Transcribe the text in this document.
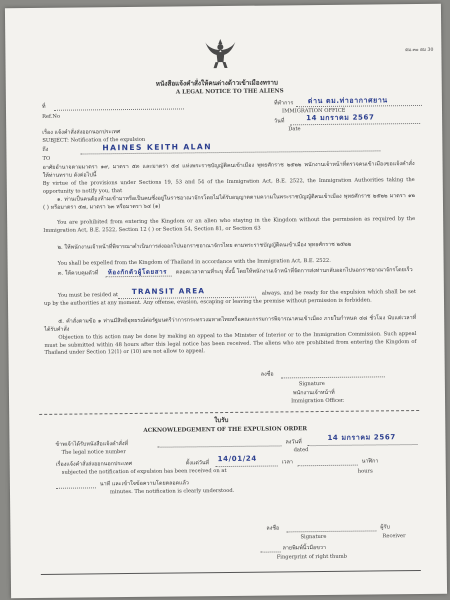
ตม.๓๐ ตม 30
หนังสือแจ้งคำสั่งให้คนต่างด้าวเข้าเมืองทราบ
A LEGAL NOTICE TO THE ALIENS
ที่ทำการ ด่าน ตม.ท่าอากาศยาน
IMMIGRATION OFFICE
ที่
Ref.No
วันที่	14 มกราคม 2567
Date
เรื่อง แจ้งคำสั่งส่งออกนอกประเทศ
SUBJECT: Notification of the expulsion
ถึง	HAINES KEITH ALAN
TO
อาศัยอำนาจตามมาตรา ๑๙, มาตรา ๕๓ และมาตรา ๕๔ แห่งพระราชบัญญัติคนเข้าเมือง พุทธศักราช ๒๕๒๒ พนักงานเจ้าหน้าที่ตรวจคนเข้าเมืองขอแจ้งคำสั่งให้ท่านทราบ ดังต่อไปนี้
By virtue of the provisions under Sections 19, 53 and 54 of the Immigration Act, B.E. 2522, the Immigration Authorities taking the opportunity to notify you, that
๑. ท่านเป็นคนต้องห้ามเข้ามาหรือเป็นคนซึ่งอยู่ในราชอาณาจักรโดยไม่ได้รับอนุญาตตามความในพระราชบัญญัติคนเข้าเมือง พุทธศักราช ๒๕๒๒ มาตรา ๑๒ ( ) หรือมาตรา ๕๗, มาตรา ๖๓ หรือมาตรา ๖๔ (๑)
You are prohibited from entering the Kingdom or an alien who staying in the Kingdom without the permission as required by the Immigration Act, B.E. 2522, Section 12 ( ) or Section 54, Section 81, or Section 63
๒. ให้พนักงานเจ้าหน้าที่พิจารณาดำเนินการส่งออกไปนอกราชอาณาจักรไทย ตามพระราชบัญญัติคนเข้าเมือง พุทธศักราช ๒๕๒๒
You shall be expelled from the Kingdom of Thailand in accordance with the Immigration Act, B.E. 2522.
๓. ให้ควบคุมตัวที่ ห้องกักตัวผู้โดยสาร	ตลอดเวลาตามที่ระบุ ทั้งนี้ โดยให้พนักงานเจ้าหน้าที่จัดการส่งท่านกลับออกไปนอกราชอาณาจักรโดยเร็ว
You must be resided at TRANSIT AREA	always, and be ready for the expulsion which shall be set up by the authorities at any moment. Any offense, evasion, escaping or leaving the premise without permission is forbidden.
๕. คำสั่งตามข้อ ๑ ท่านมีสิทธิอุทธรณ์ต่อรัฐมนตรีว่าการกระทรวงมหาดไทยหรือคณะกรรมการพิจารณาคนเข้าเมือง ภายในกำหนด ๔๘ ชั่วโมง นับแต่เวลาที่ได้รับคำสั่ง
Objection to this action may be done by making an appeal to the Minister of Interior or to the Immigration Commission. Such appeal must be submitted within 48 hours after this legal notice has been received. The aliens who are prohibited from entering the Kingdom of Thailand under Section 12(1) or (10) are not allow to appeal.
ลงชื่อ
Signature
พนักงานเจ้าหน้าที่
Immigration Officer.
ใบรับ
ACKNOWLEDGEMENT OF THE EXPULSION ORDER
ข้าพเจ้าได้รับหนังสือแจ้งคำสั่งที่	ลงวันที่
14 มกราคม 2567
The legal notice number	dated
เรื่องแจ้งคำสั่งส่งออกนอกประเทศ	ตั้งแต่วันที่
14/01/24	เวลา	นาฬิกา
subjected the notification of expulsion has been received on at	hours
นาที และเข้าใจข้อความโดยตลอดแล้ว
minutes. The notification is clearly understood.
ลงชื่อ	ผู้รับ
Signature	Receiver
ลายพิมพ์นิ้วมือขวา
Fingerprint of right thumb
